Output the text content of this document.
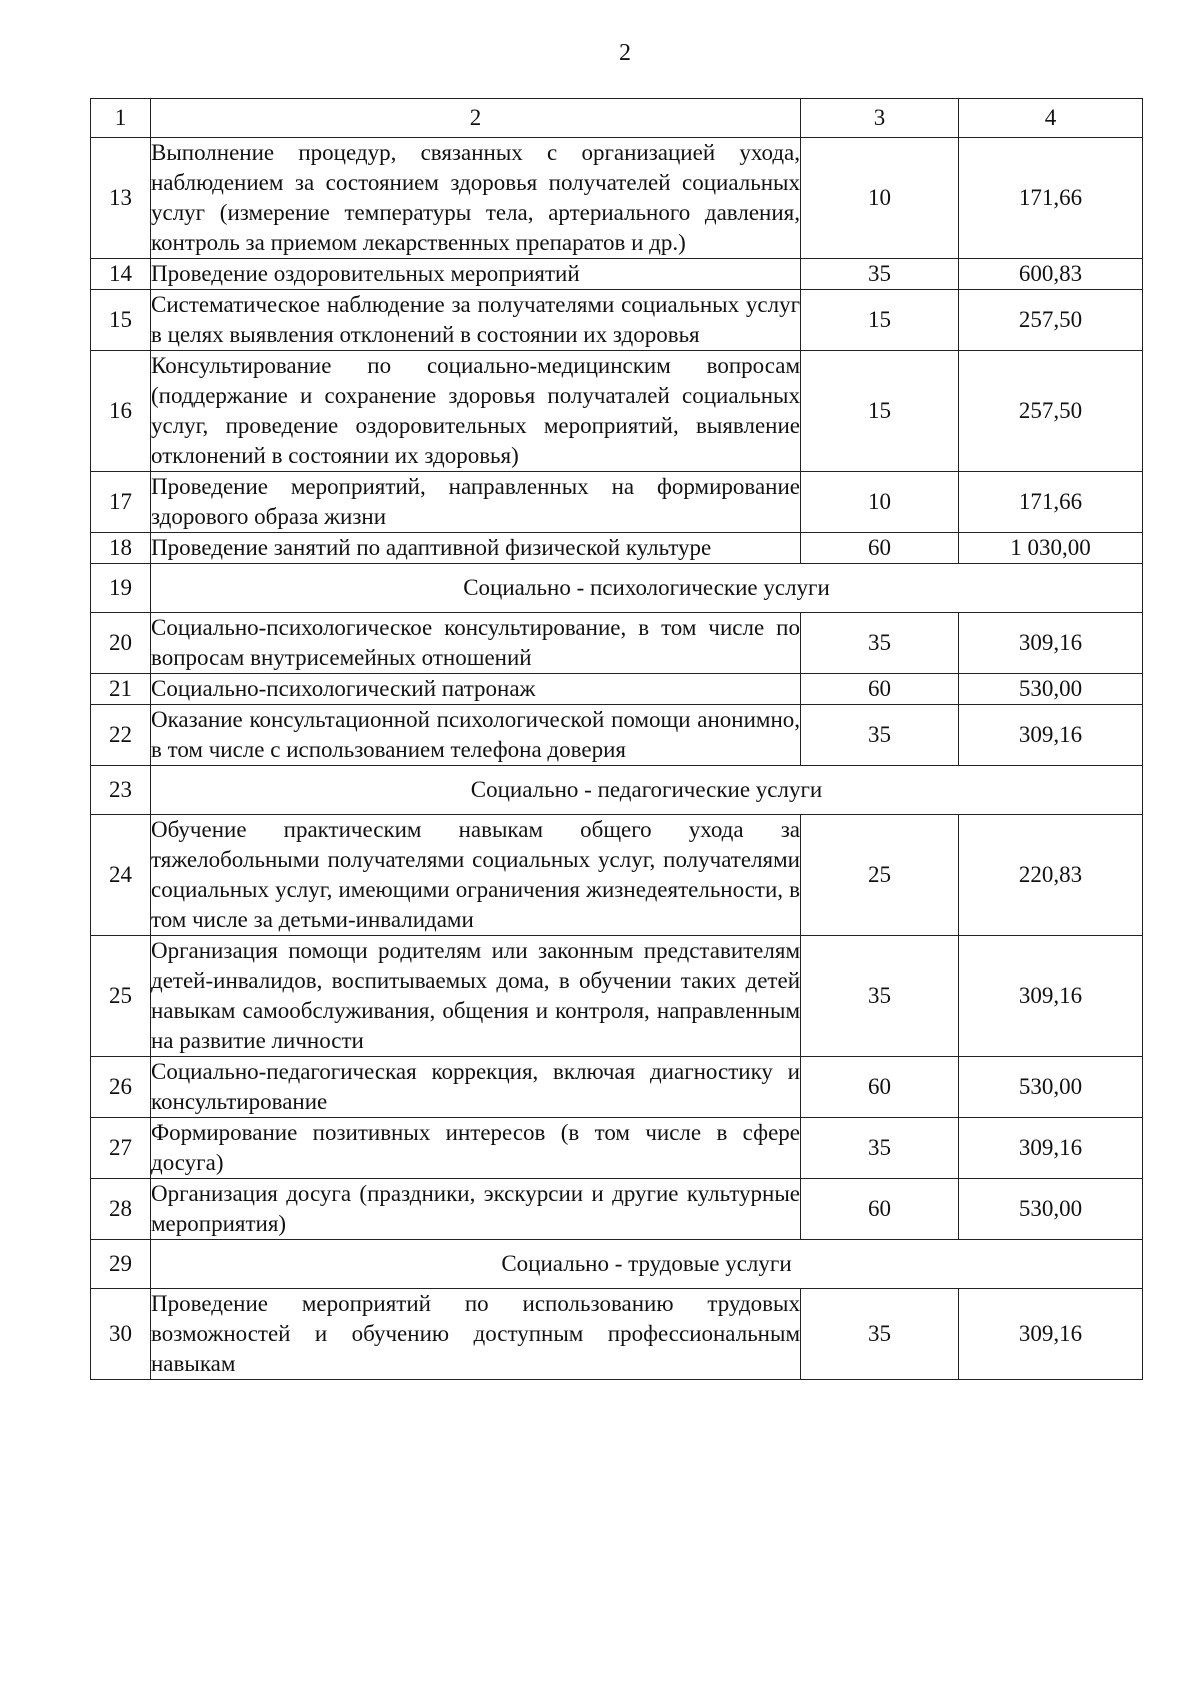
2
1	2	3	4
13	Выполнение процедур, связанных с организацией ухода, наблюдением за состоянием здоровья получателей социальных услуг (измерение температуры тела, артериального давления, контроль за приемом лекарственных препаратов и др.)	10	171,66
14	Проведение оздоровительных мероприятий	35	600,83
15	Систематическое наблюдение за получателями социальных услуг в целях выявления отклонений в состоянии их здоровья	15	257,50
16	Консультирование по социально-медицинским вопросам (поддержание и сохранение здоровья получаталей социальных услуг, проведение оздоровительных мероприятий, выявление отклонений в состоянии их здоровья)	15	257,50
17	Проведение мероприятий, направленных на формирование здорового образа жизни	10	171,66
18	Проведение занятий по адаптивной физической культуре	60	1 030,00
19	Социально - психологические услуги		
20	Социально-психологическое консультирование, в том числе по вопросам внутрисемейных отношений	35	309,16
21	Социально-психологический патронаж	60	530,00
22	Оказание консультационной психологической помощи анонимно, в том числе с использованием телефона доверия	35	309,16
23	Социально - педагогические услуги		
24	Обучение практическим навыкам общего ухода за тяжелобольными получателями социальных услуг, получателями социальных услуг, имеющими ограничения жизнедеятельности, в том числе за детьми-инвалидами	25	220,83
25	Организация помощи родителям или законным представителям детей-инвалидов, воспитываемых дома, в обучении таких детей навыкам самообслуживания, общения и контроля, направленным на развитие личности	35	309,16
26	Социально-педагогическая коррекция, включая диагностику и консультирование	60	530,00
27	Формирование позитивных интересов (в том числе в сфере досуга)	35	309,16
28	Организация досуга (праздники, экскурсии и другие культурные мероприятия)	60	530,00
29	Социально - трудовые услуги		
30	Проведение мероприятий по использованию трудовых возможностей и обучению доступным профессиональным навыкам	35	309,16
